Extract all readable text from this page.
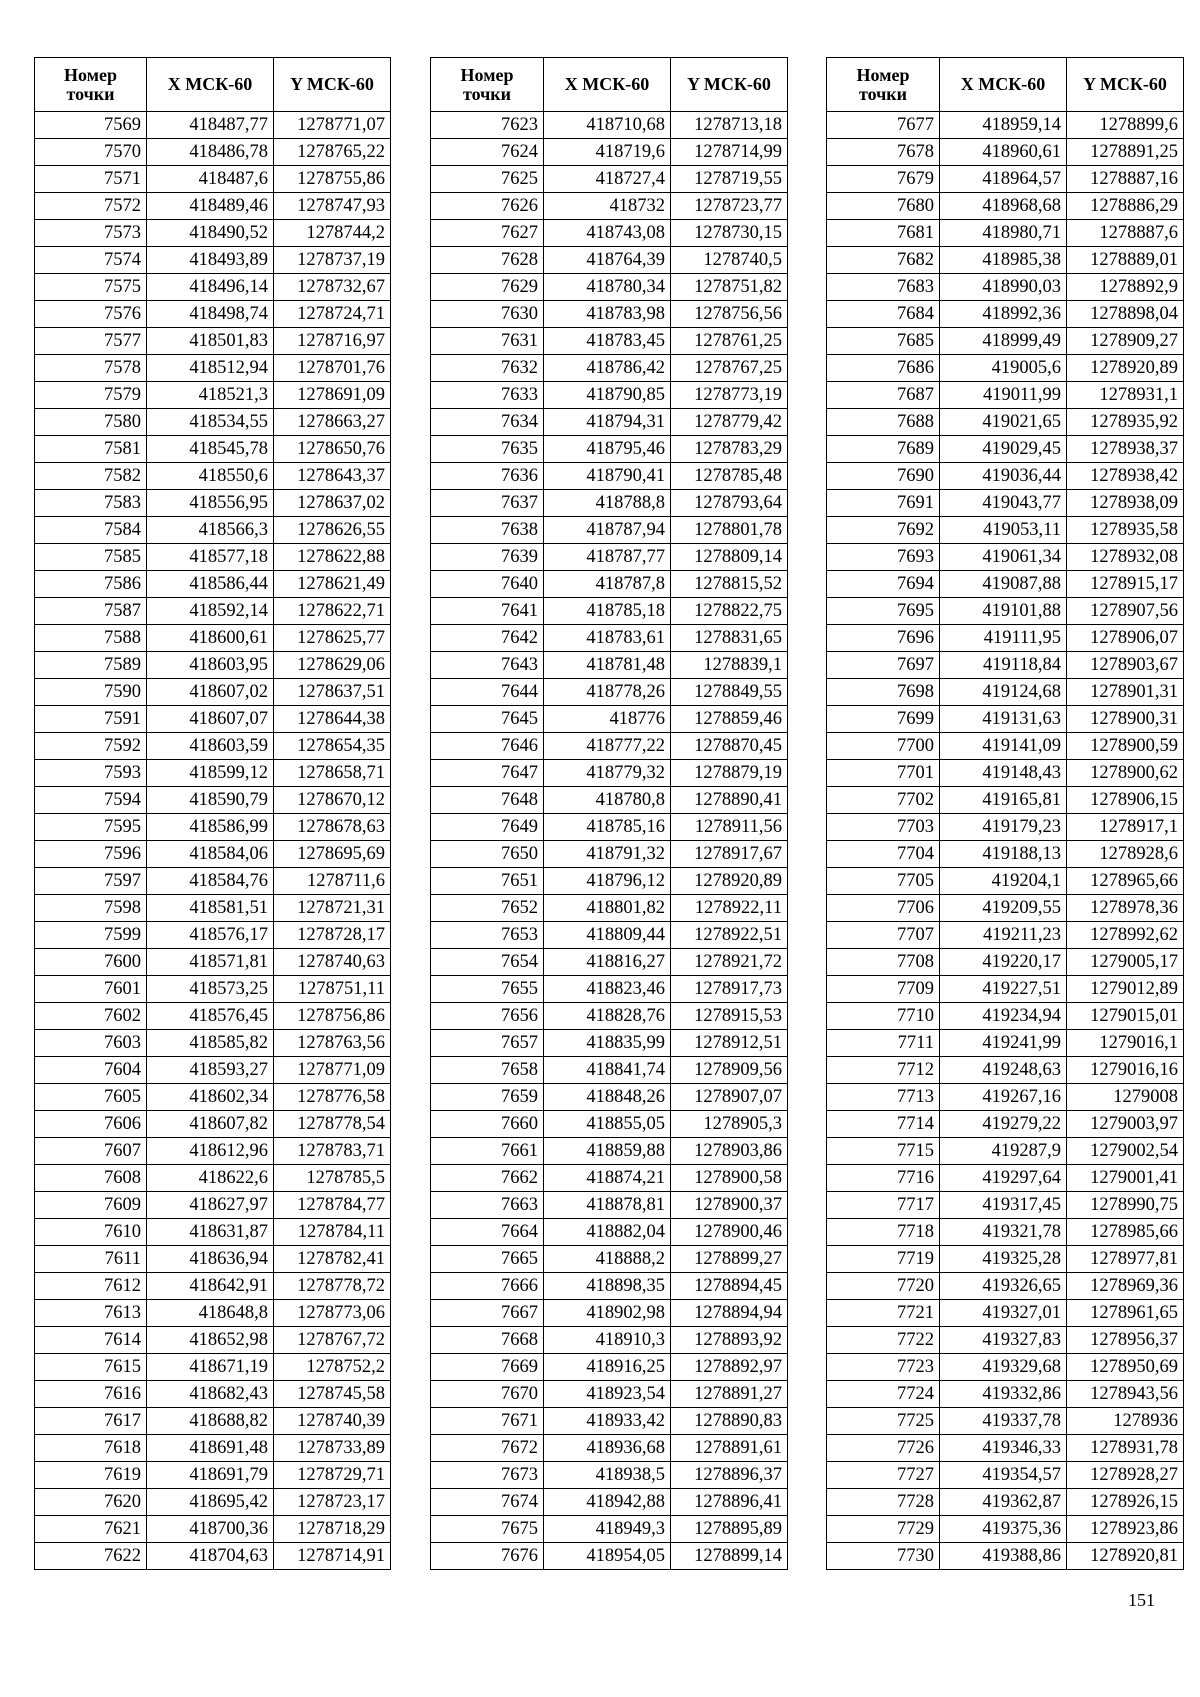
Номер
точки	X МСК-60	Y МСК-60
7569	418487,77	1278771,07
7570	418486,78	1278765,22
7571	418487,6	1278755,86
7572	418489,46	1278747,93
7573	418490,52	1278744,2
7574	418493,89	1278737,19
7575	418496,14	1278732,67
7576	418498,74	1278724,71
7577	418501,83	1278716,97
7578	418512,94	1278701,76
7579	418521,3	1278691,09
7580	418534,55	1278663,27
7581	418545,78	1278650,76
7582	418550,6	1278643,37
7583	418556,95	1278637,02
7584	418566,3	1278626,55
7585	418577,18	1278622,88
7586	418586,44	1278621,49
7587	418592,14	1278622,71
7588	418600,61	1278625,77
7589	418603,95	1278629,06
7590	418607,02	1278637,51
7591	418607,07	1278644,38
7592	418603,59	1278654,35
7593	418599,12	1278658,71
7594	418590,79	1278670,12
7595	418586,99	1278678,63
7596	418584,06	1278695,69
7597	418584,76	1278711,6
7598	418581,51	1278721,31
7599	418576,17	1278728,17
7600	418571,81	1278740,63
7601	418573,25	1278751,11
7602	418576,45	1278756,86
7603	418585,82	1278763,56
7604	418593,27	1278771,09
7605	418602,34	1278776,58
7606	418607,82	1278778,54
7607	418612,96	1278783,71
7608	418622,6	1278785,5
7609	418627,97	1278784,77
7610	418631,87	1278784,11
7611	418636,94	1278782,41
7612	418642,91	1278778,72
7613	418648,8	1278773,06
7614	418652,98	1278767,72
7615	418671,19	1278752,2
7616	418682,43	1278745,58
7617	418688,82	1278740,39
7618	418691,48	1278733,89
7619	418691,79	1278729,71
7620	418695,42	1278723,17
7621	418700,36	1278718,29
7622	418704,63	1278714,91
Номер
точки	X МСК-60	Y МСК-60
7623	418710,68	1278713,18
7624	418719,6	1278714,99
7625	418727,4	1278719,55
7626	418732	1278723,77
7627	418743,08	1278730,15
7628	418764,39	1278740,5
7629	418780,34	1278751,82
7630	418783,98	1278756,56
7631	418783,45	1278761,25
7632	418786,42	1278767,25
7633	418790,85	1278773,19
7634	418794,31	1278779,42
7635	418795,46	1278783,29
7636	418790,41	1278785,48
7637	418788,8	1278793,64
7638	418787,94	1278801,78
7639	418787,77	1278809,14
7640	418787,8	1278815,52
7641	418785,18	1278822,75
7642	418783,61	1278831,65
7643	418781,48	1278839,1
7644	418778,26	1278849,55
7645	418776	1278859,46
7646	418777,22	1278870,45
7647	418779,32	1278879,19
7648	418780,8	1278890,41
7649	418785,16	1278911,56
7650	418791,32	1278917,67
7651	418796,12	1278920,89
7652	418801,82	1278922,11
7653	418809,44	1278922,51
7654	418816,27	1278921,72
7655	418823,46	1278917,73
7656	418828,76	1278915,53
7657	418835,99	1278912,51
7658	418841,74	1278909,56
7659	418848,26	1278907,07
7660	418855,05	1278905,3
7661	418859,88	1278903,86
7662	418874,21	1278900,58
7663	418878,81	1278900,37
7664	418882,04	1278900,46
7665	418888,2	1278899,27
7666	418898,35	1278894,45
7667	418902,98	1278894,94
7668	418910,3	1278893,92
7669	418916,25	1278892,97
7670	418923,54	1278891,27
7671	418933,42	1278890,83
7672	418936,68	1278891,61
7673	418938,5	1278896,37
7674	418942,88	1278896,41
7675	418949,3	1278895,89
7676	418954,05	1278899,14
Номер
точки	X МСК-60	Y МСК-60
7677	418959,14	1278899,6
7678	418960,61	1278891,25
7679	418964,57	1278887,16
7680	418968,68	1278886,29
7681	418980,71	1278887,6
7682	418985,38	1278889,01
7683	418990,03	1278892,9
7684	418992,36	1278898,04
7685	418999,49	1278909,27
7686	419005,6	1278920,89
7687	419011,99	1278931,1
7688	419021,65	1278935,92
7689	419029,45	1278938,37
7690	419036,44	1278938,42
7691	419043,77	1278938,09
7692	419053,11	1278935,58
7693	419061,34	1278932,08
7694	419087,88	1278915,17
7695	419101,88	1278907,56
7696	419111,95	1278906,07
7697	419118,84	1278903,67
7698	419124,68	1278901,31
7699	419131,63	1278900,31
7700	419141,09	1278900,59
7701	419148,43	1278900,62
7702	419165,81	1278906,15
7703	419179,23	1278917,1
7704	419188,13	1278928,6
7705	419204,1	1278965,66
7706	419209,55	1278978,36
7707	419211,23	1278992,62
7708	419220,17	1279005,17
7709	419227,51	1279012,89
7710	419234,94	1279015,01
7711	419241,99	1279016,1
7712	419248,63	1279016,16
7713	419267,16	1279008
7714	419279,22	1279003,97
7715	419287,9	1279002,54
7716	419297,64	1279001,41
7717	419317,45	1278990,75
7718	419321,78	1278985,66
7719	419325,28	1278977,81
7720	419326,65	1278969,36
7721	419327,01	1278961,65
7722	419327,83	1278956,37
7723	419329,68	1278950,69
7724	419332,86	1278943,56
7725	419337,78	1278936
7726	419346,33	1278931,78
7727	419354,57	1278928,27
7728	419362,87	1278926,15
7729	419375,36	1278923,86
7730	419388,86	1278920,81
151
